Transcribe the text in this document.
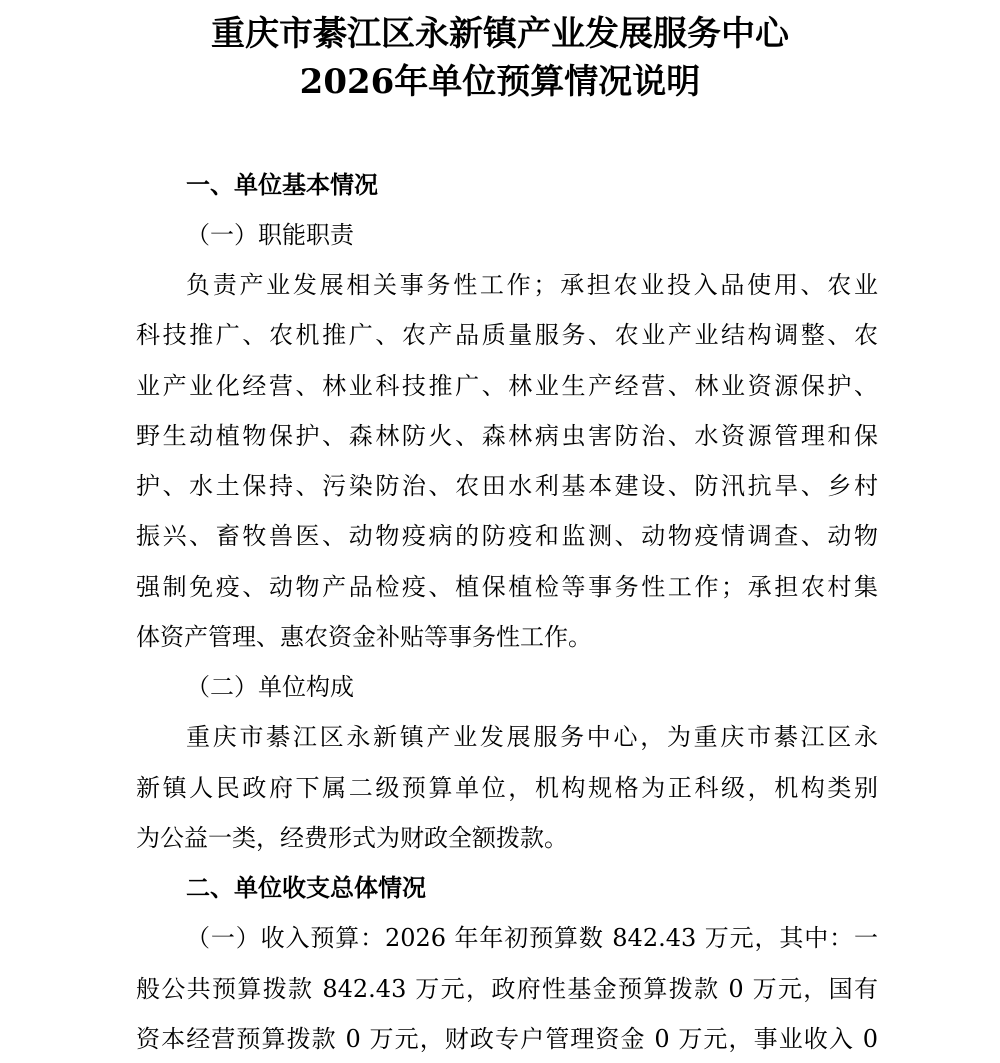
重庆市綦江区永新镇产业发展服务中心
2026年单位预算情况说明
一、单位基本情况
（一）职能职责
负责产业发展相关事务性工作；承担农业投入品使用、农业
科技推广、农机推广、农产品质量服务、农业产业结构调整、农
业产业化经营、林业科技推广、林业生产经营、林业资源保护、
野生动植物保护、森林防火、森林病虫害防治、水资源管理和保
护、水土保持、污染防治、农田水利基本建设、防汛抗旱、乡村
振兴、畜牧兽医、动物疫病的防疫和监测、动物疫情调查、动物
强制免疫、动物产品检疫、植保植检等事务性工作；承担农村集
体资产管理、惠农资金补贴等事务性工作。
（二）单位构成
重庆市綦江区永新镇产业发展服务中心，为重庆市綦江区永
新镇人民政府下属二级预算单位，机构规格为正科级，机构类别
为公益一类，经费形式为财政全额拨款。
二、单位收支总体情况
（一）收入预算：2026 年年初预算数 842.43 万元，其中：一
般公共预算拨款 842.43 万元，政府性基金预算拨款 0 万元，国有
资本经营预算拨款 0 万元，财政专户管理资金 0 万元，事业收入 0
